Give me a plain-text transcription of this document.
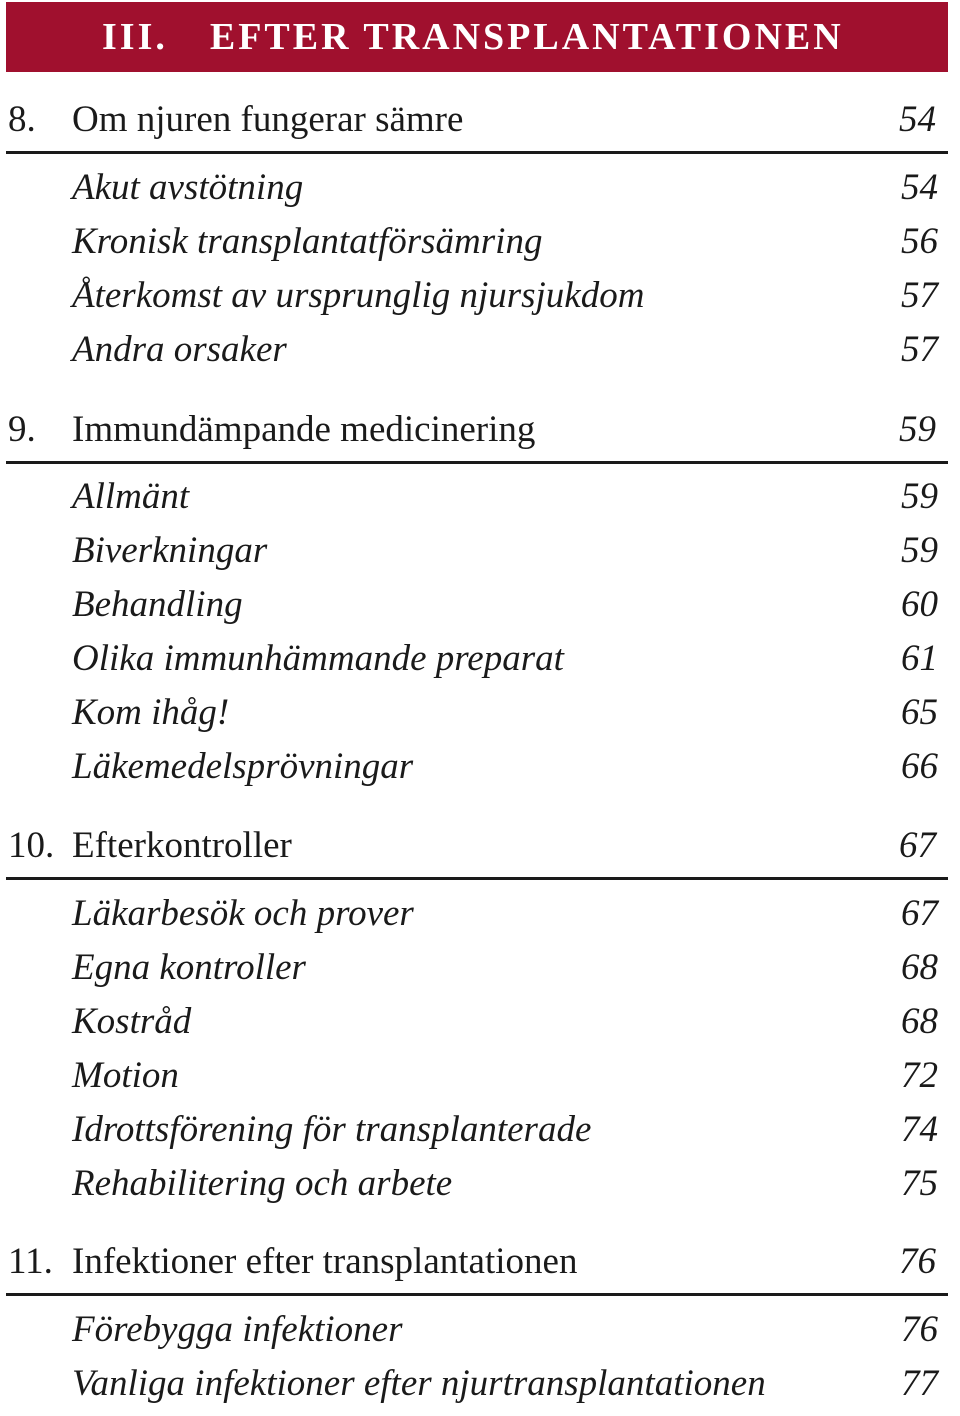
III. EFTER TRANSPLANTATIONEN
8. Om njuren fungerar sämre	54
Akut avstötning	54
Kronisk transplantatförsämring	56
Återkomst av ursprunglig njursjukdom	57
Andra orsaker	57
9. Immundämpande medicinering	59
Allmänt	59
Biverkningar	59
Behandling	60
Olika immunhämmande preparat	61
Kom ihåg!	65
Läkemedelsprövningar	66
10. Efterkontroller	67
Läkarbesök och prover	67
Egna kontroller	68
Kostråd	68
Motion	72
Idrottsförening för transplanterade	74
Rehabilitering och arbete	75
11. Infektioner efter transplantationen	76
Förebygga infektioner	76
Vanliga infektioner efter njurtransplantationen	77
